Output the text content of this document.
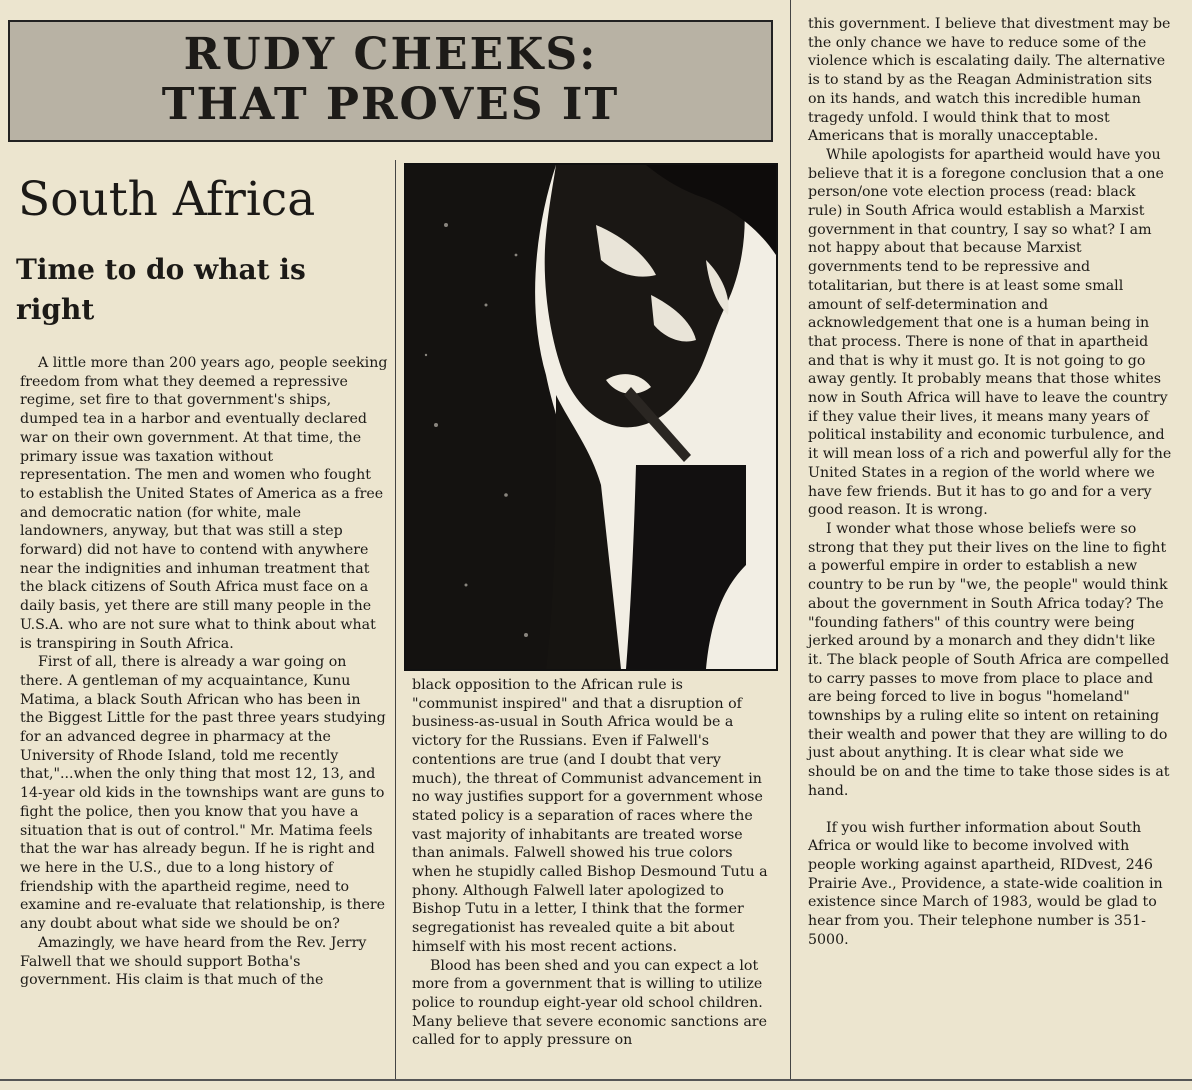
RUDY CHEEKS:
THAT PROVES IT
South Africa
Time to do what is right

A little more than 200 years ago, people seeking freedom from what they deemed a repressive regime, set fire to that government's ships, dumped tea in a harbor and eventually declared war on their own government. At that time, the primary issue was taxation without representation. The men and women who fought to establish the United States of America as a free and democratic nation (for white, male landowners, anyway, but that was still a step forward) did not have to contend with anywhere near the indignities and inhuman treatment that the black citizens of South Africa must face on a daily basis, yet there are still many people in the U.S.A. who are not sure what to think about what is transpiring in South Africa.

First of all, there is already a war going on there. A gentleman of my acquaintance, Kunu Matima, a black South African who has been in the Biggest Little for the past three years studying for an advanced degree in pharmacy at the University of Rhode Island, told me recently that,"...when the only thing that most 12, 13, and 14-year old kids in the townships want are guns to fight the police, then you know that you have a situation that is out of control." Mr. Matima feels that the war has already begun. If he is right and we here in the U.S., due to a long history of friendship with the apartheid regime, need to examine and re-evaluate that relationship, is there any doubt about what side we should be on?

Amazingly, we have heard from the Rev. Jerry Falwell that we should support Botha's government. His claim is that much of the

black opposition to the African rule is "communist inspired" and that a disruption of business-as-usual in South Africa would be a victory for the Russians. Even if Falwell's contentions are true (and I doubt that very much), the threat of Communist advancement in no way justifies support for a government whose stated policy is a separation of races where the vast majority of inhabitants are treated worse than animals. Falwell showed his true colors when he stupidly called Bishop Desmound Tutu a phony. Although Falwell later apologized to Bishop Tutu in a letter, I think that the former segregationist has revealed quite a bit about himself with his most recent actions.

Blood has been shed and you can expect a lot more from a government that is willing to utilize police to roundup eight-year old school children. Many believe that severe economic sanctions are called for to apply pressure on

this government. I believe that divestment may be the only chance we have to reduce some of the violence which is escalating daily. The alternative is to stand by as the Reagan Administration sits on its hands, and watch this incredible human tragedy unfold. I would think that to most Americans that is morally unacceptable.

While apologists for apartheid would have you believe that it is a foregone conclusion that a one person/one vote election process (read: black rule) in South Africa would establish a Marxist government in that country, I say so what? I am not happy about that because Marxist governments tend to be repressive and totalitarian, but there is at least some small amount of self-determination and acknowledgement that one is a human being in that process. There is none of that in apartheid and that is why it must go. It is not going to go away gently. It probably means that those whites now in South Africa will have to leave the country if they value their lives, it means many years of political instability and economic turbulence, and it will mean loss of a rich and powerful ally for the United States in a region of the world where we have few friends. But it has to go and for a very good reason. It is wrong.

I wonder what those whose beliefs were so strong that they put their lives on the line to fight a powerful empire in order to establish a new country to be run by "we, the people" would think about the government in South Africa today? The "founding fathers" of this country were being jerked around by a monarch and they didn't like it. The black people of South Africa are compelled to carry passes to move from place to place and are being forced to live in bogus "homeland" townships by a ruling elite so intent on retaining their wealth and power that they are willing to do just about anything. It is clear what side we should be on and the time to take those sides is at hand.

If you wish further information about South Africa or would like to become involved with people working against apartheid, RIDvest, 246 Prairie Ave., Providence, a state-wide coalition in existence since March of 1983, would be glad to hear from you. Their telephone number is 351-5000.
